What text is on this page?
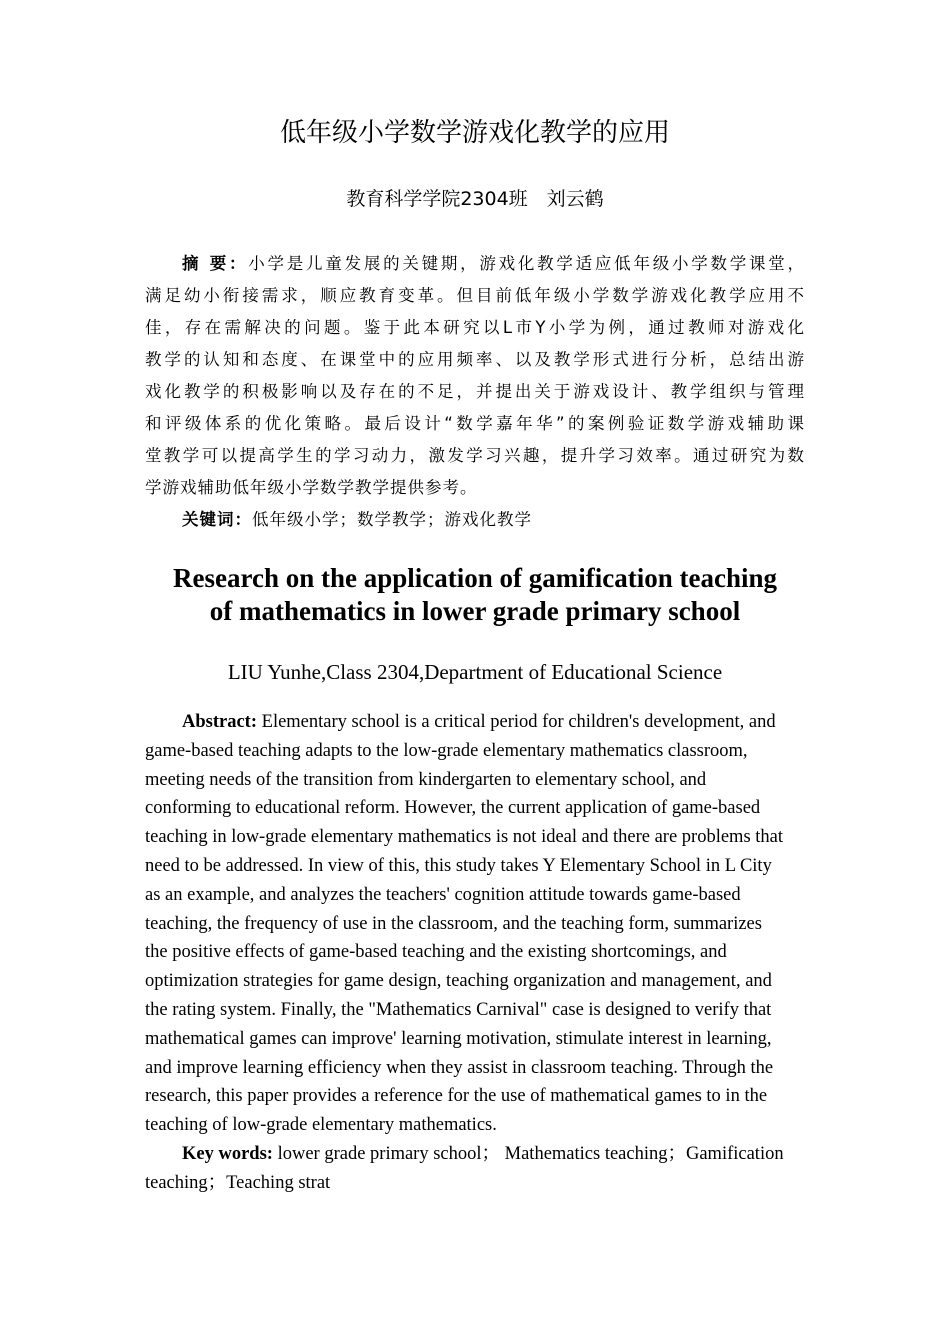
低年级小学数学游戏化教学的应用
教育科学学院2304班　刘云鹤
摘 要：小学是儿童发展的关键期，游戏化教学适应低年级小学数学课堂，
满足幼小衔接需求，顺应教育变革。但目前低年级小学数学游戏化教学应用不
佳，存在需解决的问题。鉴于此本研究以L市Y小学为例，通过教师对游戏化
教学的认知和态度、在课堂中的应用频率、以及教学形式进行分析，总结出游
戏化教学的积极影响以及存在的不足，并提出关于游戏设计、教学组织与管理
和评级体系的优化策略。最后设计“数学嘉年华”的案例验证数学游戏辅助课
堂教学可以提高学生的学习动力，激发学习兴趣，提升学习效率。通过研究为数
学游戏辅助低年级小学数学教学提供参考。
关键词：低年级小学；数学教学；游戏化教学
Research on the application of gamification teaching
of mathematics in lower grade primary school
LIU Yunhe,Class 2304,Department of Educational Science
Abstract: Elementary school is a critical period for children's development, and
game-based teaching adapts to the low-grade elementary mathematics classroom,
meeting needs of the transition from kindergarten to elementary school, and
conforming to educational reform. However, the current application of game-based
teaching in low-grade elementary mathematics is not ideal and there are problems that
need to be addressed. In view of this, this study takes Y Elementary School in L City
as an example, and analyzes the teachers' cognition attitude towards game-based
teaching, the frequency of use in the classroom, and the teaching form, summarizes
the positive effects of game-based teaching and the existing shortcomings, and
optimization strategies for game design, teaching organization and management, and
the rating system. Finally, the "Mathematics Carnival" case is designed to verify that
mathematical games can improve' learning motivation, stimulate interest in learning,
and improve learning efficiency when they assist in classroom teaching. Through the
research, this paper provides a reference for the use of mathematical games to in the
teaching of low-grade elementary mathematics.
Key words: lower grade primary school； Mathematics teaching；Gamification
teaching；Teaching strat
